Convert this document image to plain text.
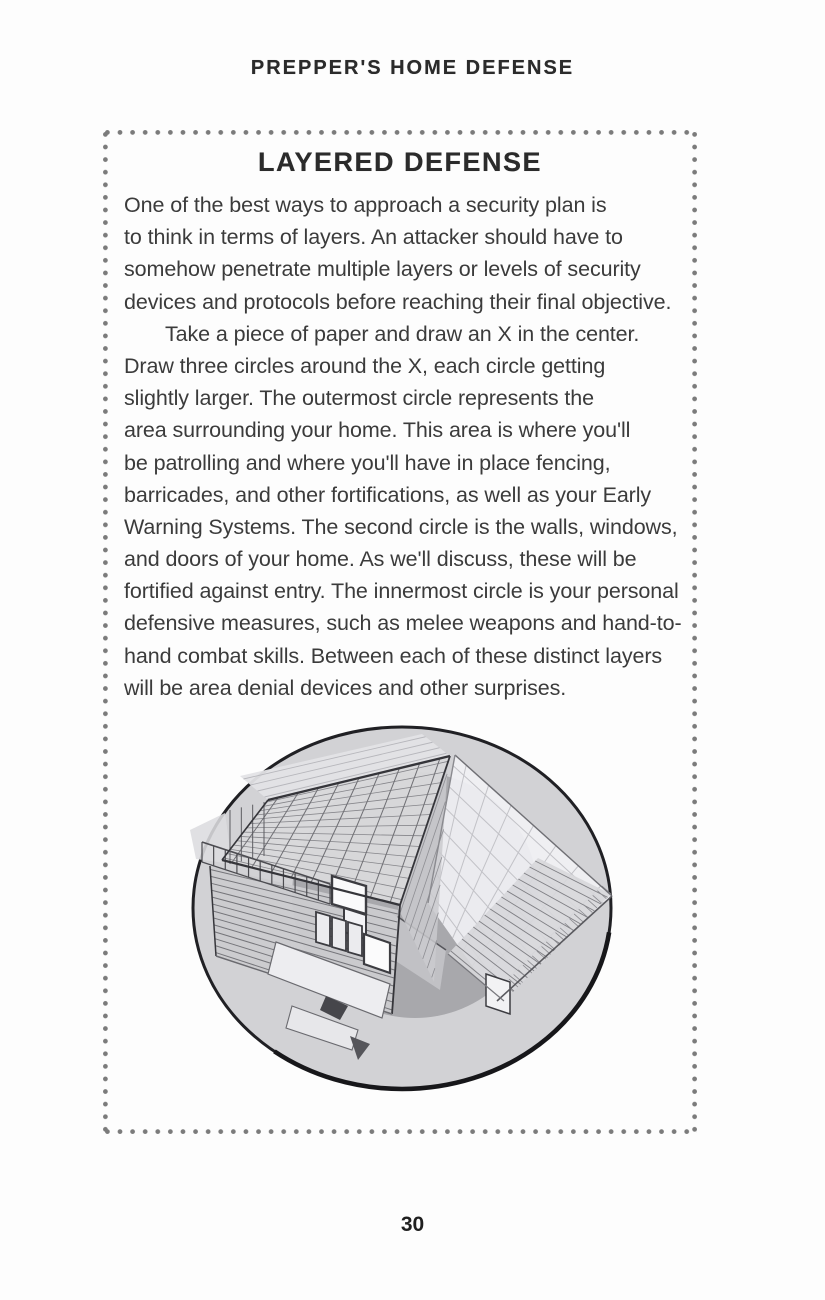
PREPPER'S HOME DEFENSE
LAYERED DEFENSE
One of the best ways to approach a security plan is
to think in terms of layers. An attacker should have to
somehow penetrate multiple layers or levels of security
devices and protocols before reaching their final objective.
Take a piece of paper and draw an X in the center.
Draw three circles around the X, each circle getting
slightly larger. The outermost circle represents the
area surrounding your home. This area is where you'll
be patrolling and where you'll have in place fencing,
barricades, and other fortifications, as well as your Early
Warning Systems. The second circle is the walls, windows,
and doors of your home. As we'll discuss, these will be
fortified against entry. The innermost circle is your personal
defensive measures, such as melee weapons and hand-to-
hand combat skills. Between each of these distinct layers
will be area denial devices and other surprises.
30
